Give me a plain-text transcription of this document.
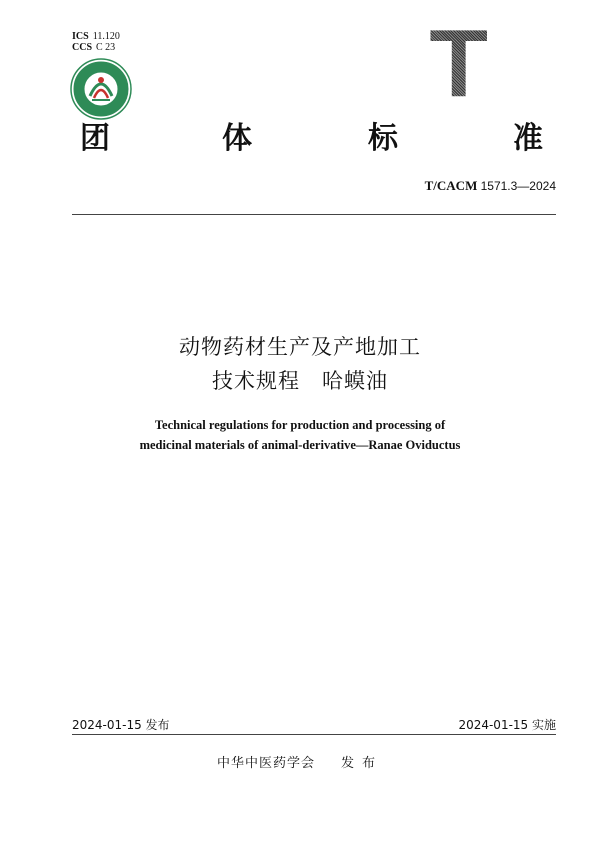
ICS 11.120
CCS C 23	T
团	体	标	准
T/CACM 1571.3—2024
动物药材生产及产地加工
技术规程　哈蟆油
Technical regulations for production and processing of
medicinal materials of animal-derivative—Ranae Oviductus
2024-01-15 发布	2024-01-15 实施
中华中医药学会 发布
